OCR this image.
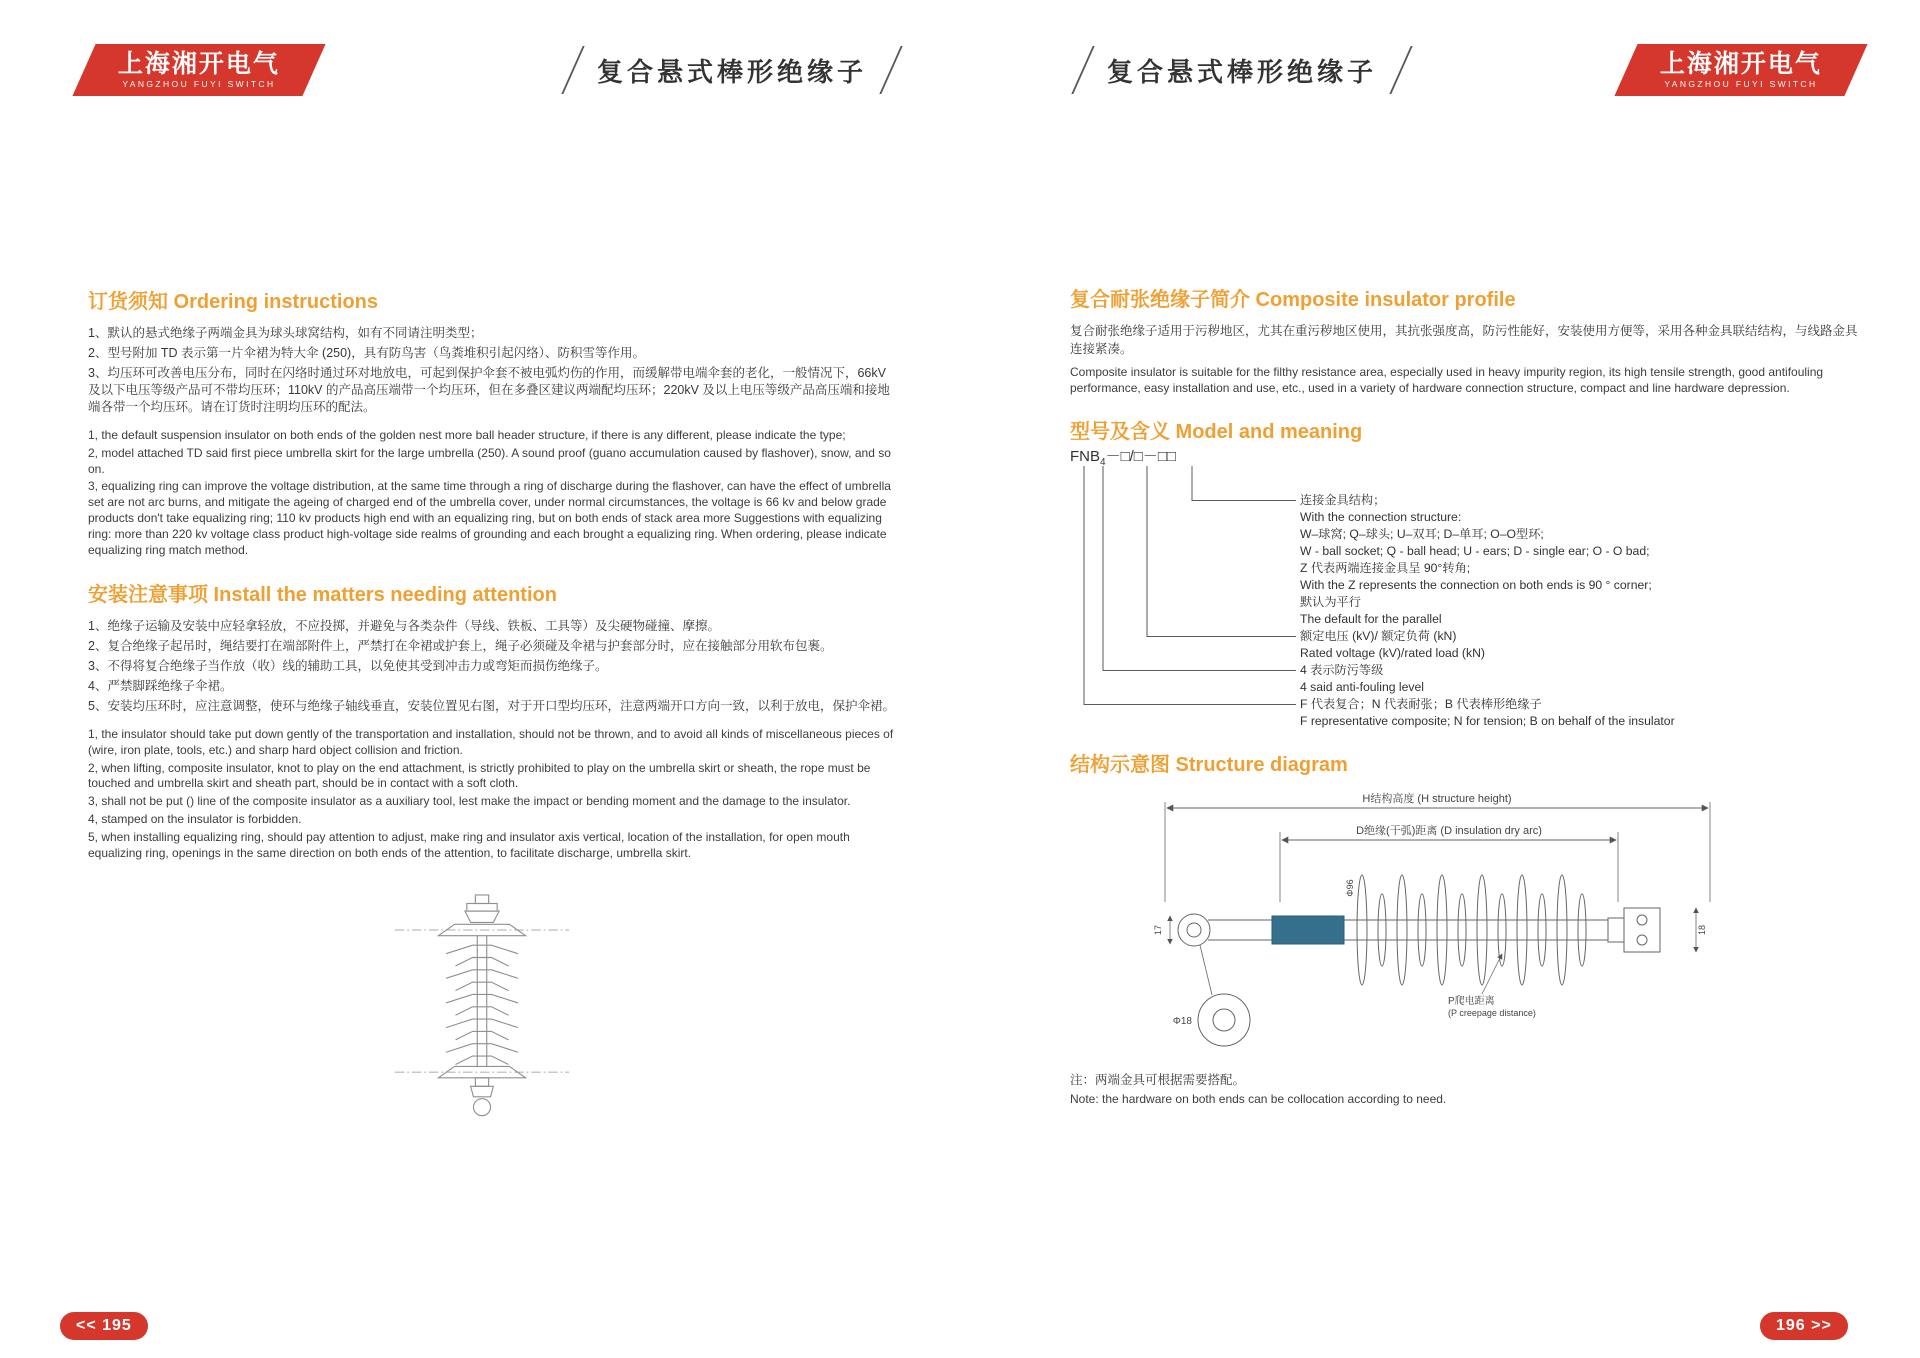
上海湘开电气
YANGZHOU FUYI SWITCH	复合悬式棒形绝缘子	复合悬式棒形绝缘子	上海湘开电气
YANGZHOU FUYI SWITCH
订货须知 Ordering instructions
1、默认的悬式绝缘子两端金具为球头球窝结构，如有不同请注明类型；
2、型号附加 TD 表示第一片伞裙为特大伞 (250)，具有防鸟害（鸟粪堆积引起闪络）、防积雪等作用。
3、均压环可改善电压分布，同时在闪络时通过环对地放电，可起到保护伞套不被电弧灼伤的作用，而缓解带电端伞套的老化，一般情况下，66kV 及以下电压等级产品可不带均压环；110kV 的产品高压端带一个均压环，但在多叠区建议两端配均压环；220kV 及以上电压等级产品高压端和接地端各带一个均压环。请在订货时注明均压环的配法。
1, the default suspension insulator on both ends of the golden nest more ball header structure, if there is any different, please indicate the type;
2, model attached TD said first piece umbrella skirt for the large umbrella (250). A sound proof (guano accumulation caused by flashover), snow, and so on.
3, equalizing ring can improve the voltage distribution, at the same time through a ring of discharge during the flashover, can have the effect of umbrella set are not arc burns, and mitigate the ageing of charged end of the umbrella cover, under normal circumstances, the voltage is 66 kv and below grade products don't take equalizing ring; 110 kv products high end with an equalizing ring, but on both ends of stack area more Suggestions with equalizing ring: more than 220 kv voltage class product high-voltage side realms of grounding and each brought a equalizing ring. When ordering, please indicate equalizing ring match method.
安装注意事项 Install the matters needing attention
1、绝缘子运输及安装中应轻拿轻放，不应投掷，并避免与各类杂件（导线、铁板、工具等）及尖硬物碰撞、摩擦。
2、复合绝缘子起吊时，绳结要打在端部附件上，严禁打在伞裙或护套上，绳子必须碰及伞裙与护套部分时，应在接触部分用软布包裹。
3、不得将复合绝缘子当作放（收）线的辅助工具，以免使其受到冲击力或弯矩而损伤绝缘子。
4、严禁脚踩绝缘子伞裙。
5、安装均压环时，应注意调整，使环与绝缘子轴线垂直，安装位置见右图，对于开口型均压环，注意两端开口方向一致，以利于放电，保护伞裙。
1, the insulator should take put down gently of the transportation and installation, should not be thrown, and to avoid all kinds of miscellaneous pieces of (wire, iron plate, tools, etc.) and sharp hard object collision and friction.
2, when lifting, composite insulator, knot to play on the end attachment, is strictly prohibited to play on the umbrella skirt or sheath, the rope must be touched and umbrella skirt and sheath part, should be in contact with a soft cloth.
3, shall not be put () line of the composite insulator as a auxiliary tool, lest make the impact or bending moment and the damage to the insulator.
4, stamped on the insulator is forbidden.
5, when installing equalizing ring, should pay attention to adjust, make ring and insulator axis vertical, location of the installation, for open mouth equalizing ring, openings in the same direction on both ends of the attention, to facilitate discharge, umbrella skirt.
复合耐张绝缘子简介 Composite insulator profile
复合耐张绝缘子适用于污秽地区，尤其在重污秽地区使用，其抗张强度高，防污性能好，安装使用方便等，采用各种金具联结结构，与线路金具连接紧凑。
Composite insulator is suitable for the filthy resistance area, especially used in heavy impurity region, its high tensile strength, good antifouling performance, easy installation and use, etc., used in a variety of hardware connection structure, compact and line hardware depression.
型号及含义 Model and meaning
$FNB_4-□/□-□□$
连接金具结构；
With the connection structure:
W–球窝; Q–球头; U–双耳; D–单耳; O–O型环;
W - ball socket; Q - ball head; U - ears; D - single ear; O - O bad;
Z 代表两端连接金具呈 90°转角;
With the Z represents the connection on both ends is 90 ° corner;
默认为平行
The default for the parallel
额定电压 (kV)/ 额定负荷 (kN)
Rated voltage (kV)/rated load (kN)
4 表示防污等级
4 said anti-fouling level
F 代表复合；N 代表耐张；B 代表棒形绝缘子
F representative composite; N for tension; B on behalf of the insulator
结构示意图 Structure diagram
H结构高度 (H structure height)
D绝缘(干弧)距离 (D insulation dry arc)
17
Φ96
18
P爬电距离
(P creepage distance)
Φ18
注：两端金具可根据需要搭配。
Note: the hardware on both ends can be collocation according to need.
<< 195	196 >>
